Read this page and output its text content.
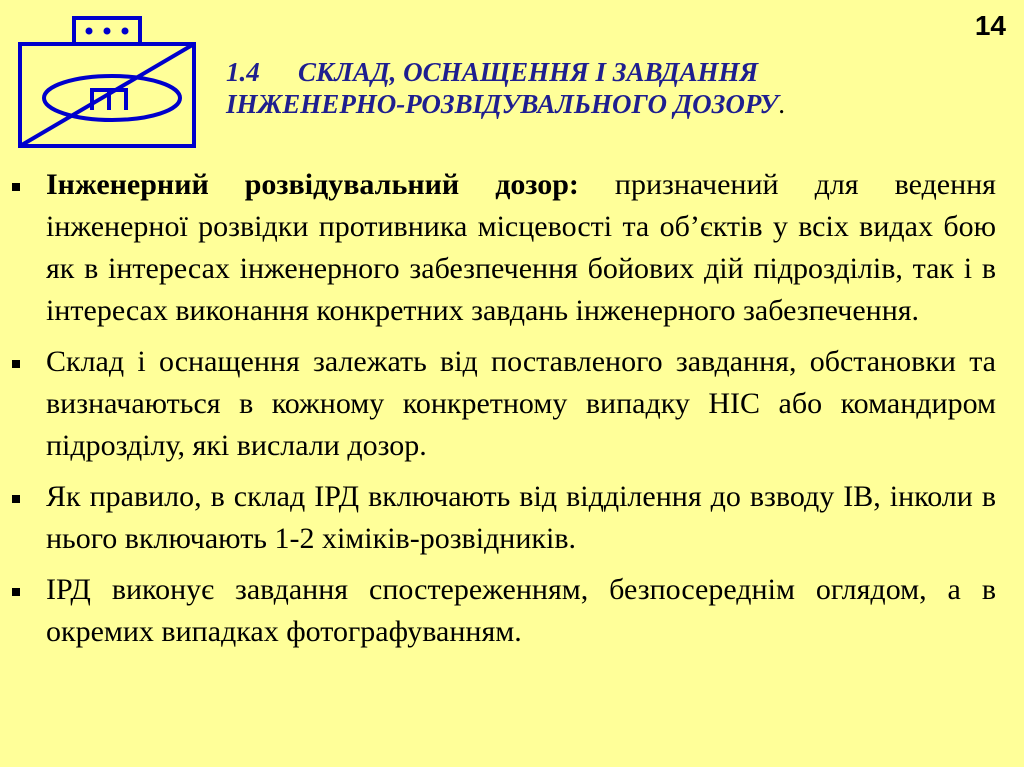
14
1.4 СКЛАД, ОСНАЩЕННЯ І ЗАВДАННЯ
ІНЖЕНЕРНО-РОЗВІДУВАЛЬНОГО ДОЗОРУ.
Інженерний розвідувальний дозор: призначений для ведення інженерної розвідки противника місцевості та об’єктів у всіх видах бою як в інтересах інженерного забезпечення бойових дій підрозділів, так і в інтересах виконання конкретних завдань інженерного забезпечення.
Склад і оснащення залежать від поставленого завдання, обстановки та визначаються в кожному конкретному випадку НІС або командиром підрозділу, які вислали дозор.
Як правило, в склад ІРД включають від відділення до взводу ІВ, інколи в нього включають 1-2 хіміків-розвідників.
ІРД виконує завдання спостереженням, безпосереднім оглядом, а в окремих випадках фотографуванням.
